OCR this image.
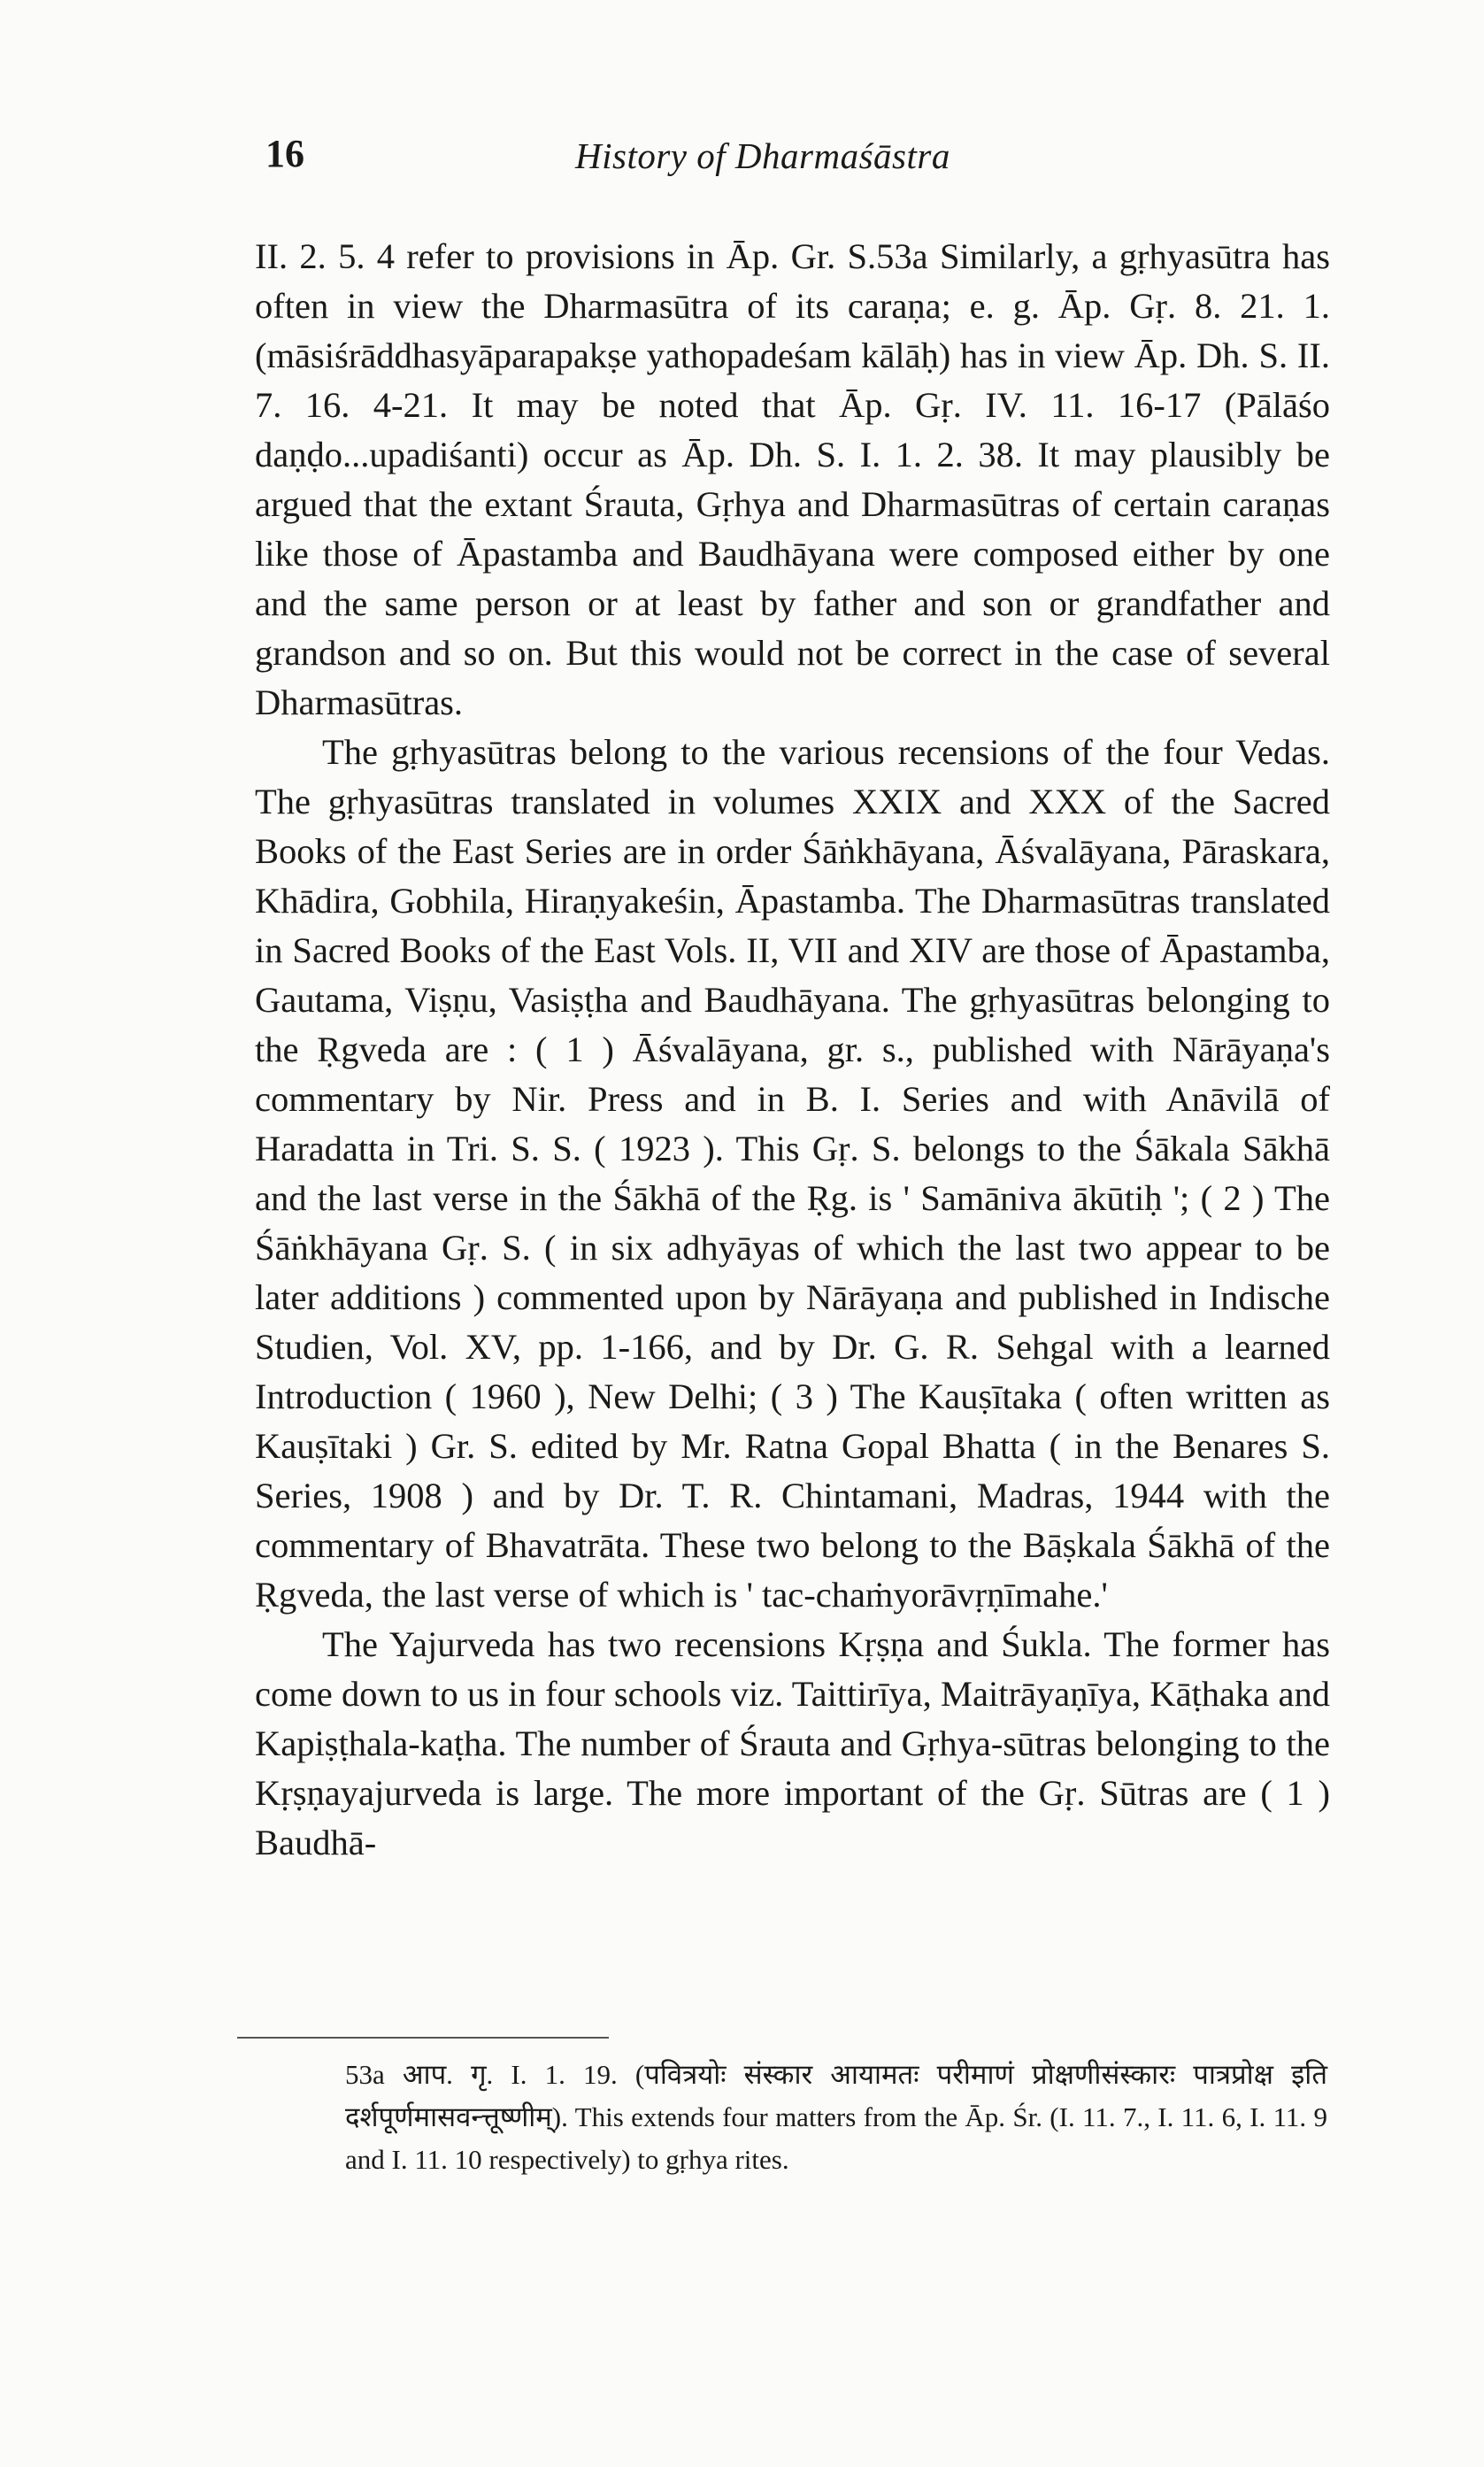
16	History of Dharmaśāstra

II. 2. 5. 4 refer to provisions in Āp. Gr. S.53a Similarly, a gṛhyasūtra has often in view the Dharmasūtra of its caraṇa; e. g. Āp. Gṛ. 8. 21. 1. (māsiśrāddhasyāparapakṣe yathopadeśam kālāḥ) has in view Āp. Dh. S. II. 7. 16. 4-21. It may be noted that Āp. Gṛ. IV. 11. 16-17 (Pālāśo daṇḍo...upadiśanti) occur as Āp. Dh. S. I. 1. 2. 38. It may plausibly be argued that the extant Śrauta, Gṛhya and Dharmasūtras of certain caraṇas like those of Āpastamba and Baudhāyana were composed either by one and the same person or at least by father and son or grandfather and grandson and so on. But this would not be correct in the case of several Dharmasūtras.

The gṛhyasūtras belong to the various recensions of the four Vedas. The gṛhyasūtras translated in volumes XXIX and XXX of the Sacred Books of the East Series are in order Śāṅkhāyana, Āśvalāyana, Pāraskara, Khādira, Gobhila, Hiraṇyakeśin, Āpastamba. The Dharmasūtras translated in Sacred Books of the East Vols. II, VII and XIV are those of Āpastamba, Gautama, Viṣṇu, Vasiṣṭha and Baudhāyana. The gṛhyasūtras belonging to the Ṛgveda are : ( 1 ) Āśvalāyana, gr. s., published with Nārāyaṇa's commentary by Nir. Press and in B. I. Series and with Anāvilā of Haradatta in Tri. S. S. ( 1923 ). This Gṛ. S. belongs to the Śākala Sākhā and the last verse in the Śākhā of the Ṛg. is ' Samāniva ākūtiḥ '; ( 2 ) The Śāṅkhāyana Gṛ. S. ( in six adhyāyas of which the last two appear to be later additions ) commented upon by Nārāyaṇa and published in Indische Studien, Vol. XV, pp. 1-166, and by Dr. G. R. Sehgal with a learned Introduction ( 1960 ), New Delhi; ( 3 ) The Kauṣītaka ( often written as Kauṣītaki ) Gr. S. edited by Mr. Ratna Gopal Bhatta ( in the Benares S. Series, 1908 ) and by Dr. T. R. Chintamani, Madras, 1944 with the commentary of Bhavatrāta. These two belong to the Bāṣkala Śākhā of the Ṛgveda, the last verse of which is ' tac-chaṁyorāvṛṇīmahe.'

The Yajurveda has two recensions Kṛṣṇa and Śukla. The former has come down to us in four schools viz. Taittirīya, Maitrāyaṇīya, Kāṭhaka and Kapiṣṭhala-kaṭha. The number of Śrauta and Gṛhya-sūtras belonging to the Kṛṣṇayajurveda is large. The more important of the Gṛ. Sūtras are ( 1 ) Baudhā-

53a आप. गृ. I. 1. 19. (पवित्रयोः संस्कार आयामतः परीमाणं प्रोक्षणीसंस्कारः पात्रप्रोक्ष इति दर्शपूर्णमासवन्त्तूष्णीम्). This extends four matters from the Āp. Śr. (I. 11. 7., I. 11. 6, I. 11. 9 and I. 11. 10 respectively) to gṛhya rites.
